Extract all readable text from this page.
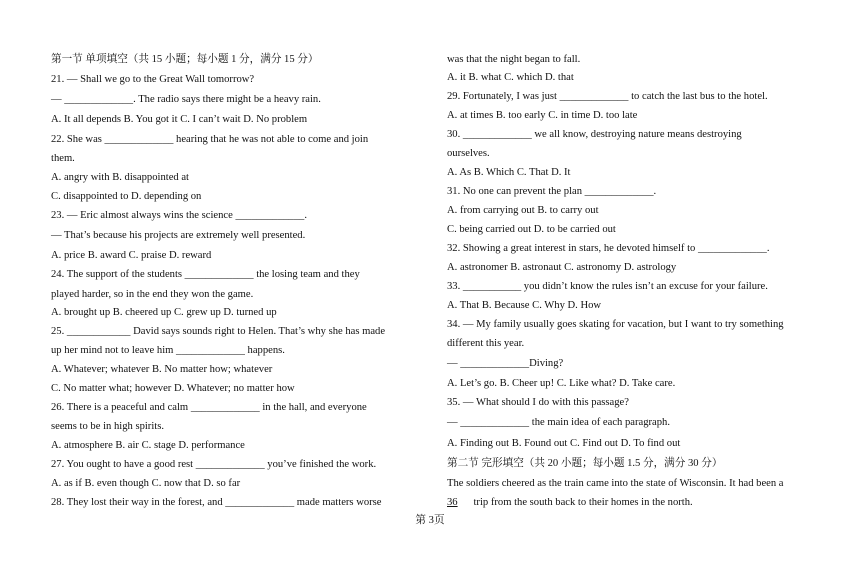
第一节 单项填空（共 15 小题；每小题 1 分，满分 15 分）
21. — Shall we go to the Great Wall tomorrow?
— _____________. The radio says there might be a heavy rain.
A. It all depends B. You got it C. I can’t wait D. No problem
22. She was _____________ hearing that he was not able to come and join
them.
A. angry with B. disappointed at
C. disappointed to D. depending on
23. — Eric almost always wins the science _____________.
— That’s because his projects are extremely well presented.
A. price B. award C. praise D. reward
24. The support of the students _____________ the losing team and they
played harder, so in the end they won the game.
A. brought up B. cheered up C. grew up D. turned up
25. ____________ David says sounds right to Helen. That’s why she has made
up her mind not to leave him _____________ happens.
A. Whatever; whatever B. No matter how; whatever
C. No matter what; however D. Whatever; no matter how
26. There is a peaceful and calm _____________ in the hall, and everyone
seems to be in high spirits.
A. atmosphere B. air C. stage D. performance
27. You ought to have a good rest _____________ you’ve finished the work.
A. as if B. even though C. now that D. so far
28. They lost their way in the forest, and _____________ made matters worse
was that the night began to fall.
A. it B. what C. which D. that
29. Fortunately, I was just _____________ to catch the last bus to the hotel.
A. at times B. too early C. in time D. too late
30. _____________ we all know, destroying nature means destroying
ourselves.
A. As B. Which C. That D. It
31. No one can prevent the plan _____________.
A. from carrying out B. to carry out
C. being carried out D. to be carried out
32. Showing a great interest in stars, he devoted himself to _____________.
A. astronomer B. astronaut C. astronomy D. astrology
33. ___________ you didn’t know the rules isn’t an excuse for your failure.
A. That B. Because C. Why D. How
34. — My family usually goes skating for vacation, but I want to try something
different this year.
— _____________Diving?
A. Let’s go. B. Cheer up! C. Like what? D. Take care.
35. — What should I do with this passage?
— _____________ the main idea of each paragraph.
A. Finding out B. Found out C. Find out D. To find out
第二节 完形填空（共 20 小题；每小题 1.5 分，满分 30 分）
The soldiers cheered as the train came into the state of Wisconsin. It had been a
36      trip from the south back to their homes in the north.
第 3页
